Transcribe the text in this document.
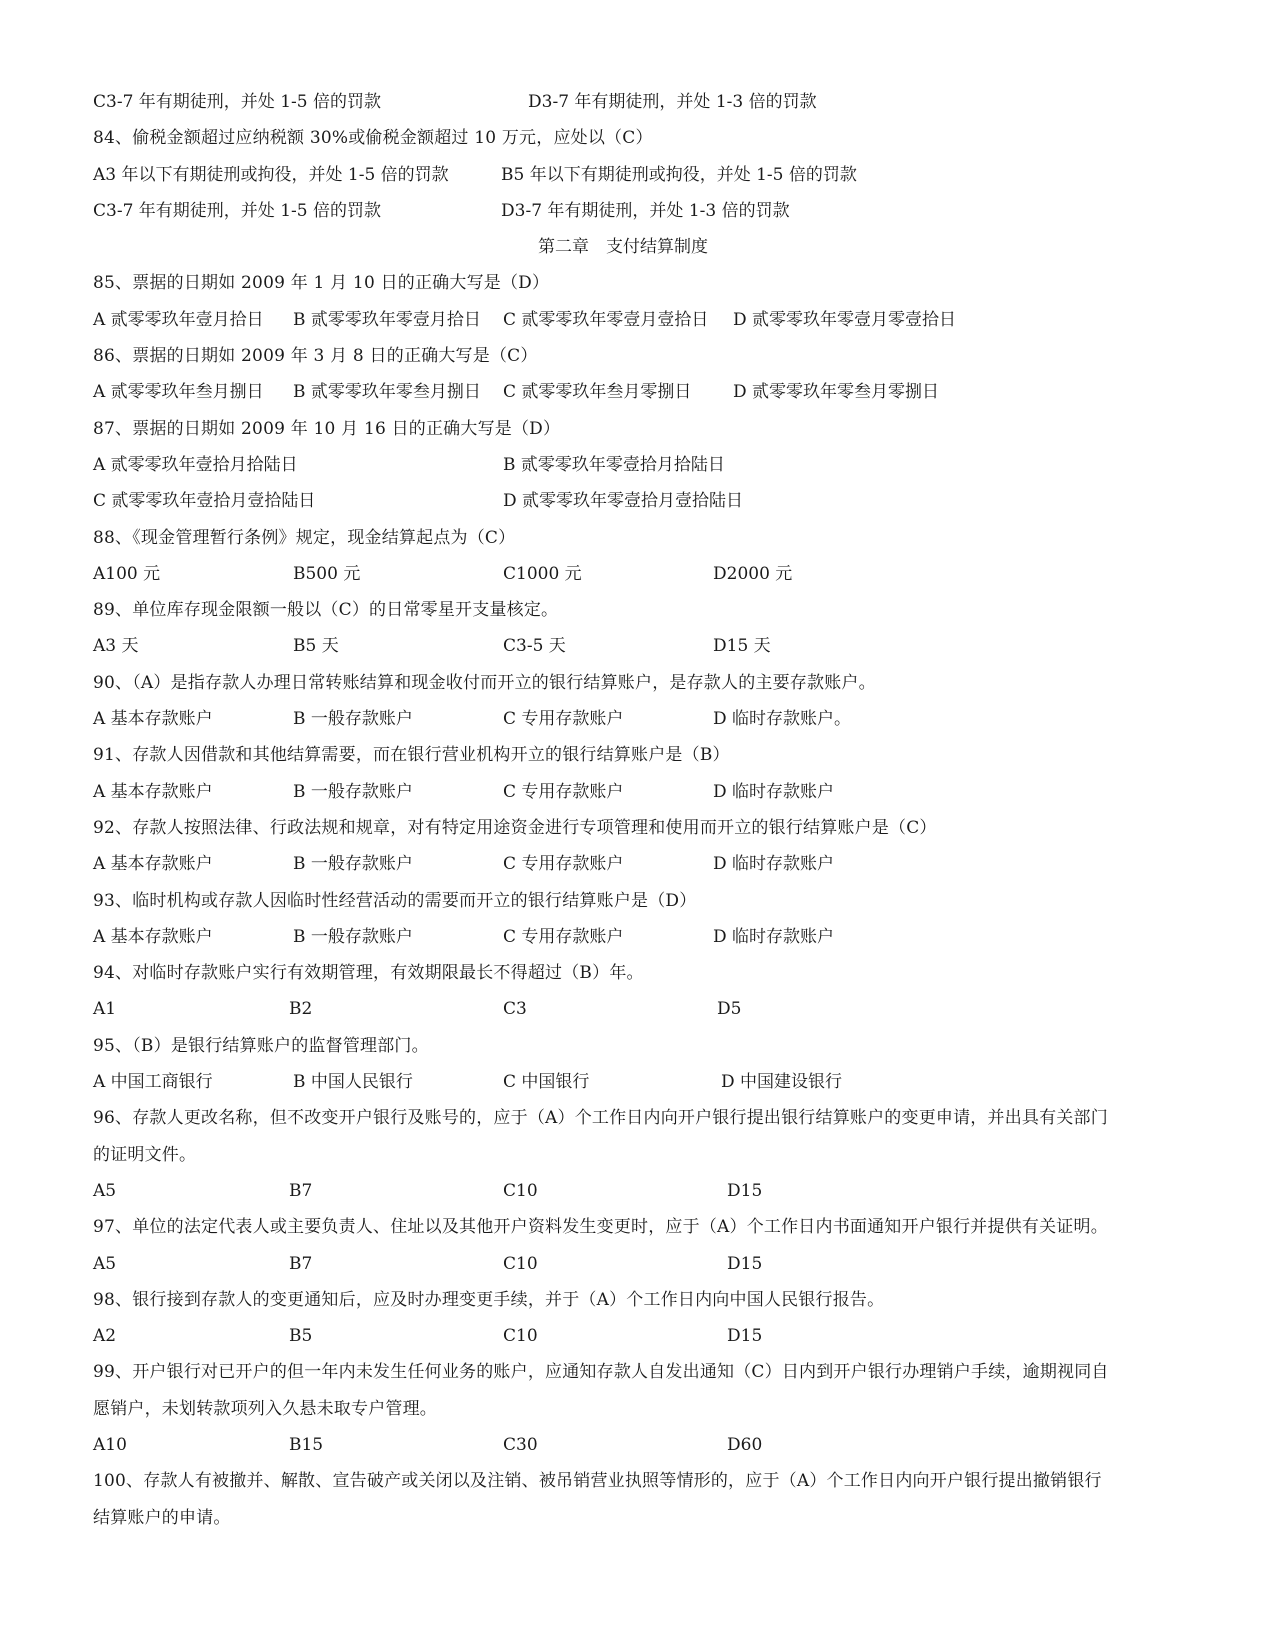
C3-7 年有期徒刑，并处 1-5 倍的罚款	D3-7 年有期徒刑，并处 1-3 倍的罚款
84、偷税金额超过应纳税额 30%或偷税金额超过 10 万元，应处以（C）
A3 年以下有期徒刑或拘役，并处 1-5 倍的罚款	B5 年以下有期徒刑或拘役，并处 1-5 倍的罚款
C3-7 年有期徒刑，并处 1-5 倍的罚款	D3-7 年有期徒刑，并处 1-3 倍的罚款
第二章　支付结算制度
85、票据的日期如 2009 年 1 月 10 日的正确大写是（D）
A 贰零零玖年壹月拾日 B 贰零零玖年零壹月拾日 C 贰零零玖年零壹月壹拾日 D 贰零零玖年零壹月零壹拾日
86、票据的日期如 2009 年 3 月 8 日的正确大写是（C）
A 贰零零玖年叁月捌日 B 贰零零玖年零叁月捌日 C 贰零零玖年叁月零捌日 D 贰零零玖年零叁月零捌日
87、票据的日期如 2009 年 10 月 16 日的正确大写是（D）
A 贰零零玖年壹拾月拾陆日	B 贰零零玖年零壹拾月拾陆日
C 贰零零玖年壹拾月壹拾陆日	D 贰零零玖年零壹拾月壹拾陆日
88、《现金管理暂行条例》规定，现金结算起点为（C）
A100 元	B500 元	C1000 元	D2000 元
89、单位库存现金限额一般以（C）的日常零星开支量核定。
A3 天	B5 天	C3-5 天	D15 天
90、（A）是指存款人办理日常转账结算和现金收付而开立的银行结算账户，是存款人的主要存款账户。
A 基本存款账户	B 一般存款账户	C 专用存款账户	D 临时存款账户。
91、存款人因借款和其他结算需要，而在银行营业机构开立的银行结算账户是（B）
A 基本存款账户	B 一般存款账户	C 专用存款账户	D 临时存款账户
92、存款人按照法律、行政法规和规章，对有特定用途资金进行专项管理和使用而开立的银行结算账户是（C）
A 基本存款账户	B 一般存款账户	C 专用存款账户	D 临时存款账户
93、临时机构或存款人因临时性经营活动的需要而开立的银行结算账户是（D）
A 基本存款账户	B 一般存款账户	C 专用存款账户	D 临时存款账户
94、对临时存款账户实行有效期管理，有效期限最长不得超过（B）年。
A1	B2	C3	D5
95、（B）是银行结算账户的监督管理部门。
A 中国工商银行	B 中国人民银行	C 中国银行	D 中国建设银行
96、存款人更改名称，但不改变开户银行及账号的，应于（A）个工作日内向开户银行提出银行结算账户的变更申请，并出具有关部门
的证明文件。
A5	B7	C10	D15
97、单位的法定代表人或主要负责人、住址以及其他开户资料发生变更时，应于（A）个工作日内书面通知开户银行并提供有关证明。
A5	B7	C10	D15
98、银行接到存款人的变更通知后，应及时办理变更手续，并于（A）个工作日内向中国人民银行报告。
A2	B5	C10	D15
99、开户银行对已开户的但一年内未发生任何业务的账户，应通知存款人自发出通知（C）日内到开户银行办理销户手续，逾期视同自
愿销户，未划转款项列入久悬未取专户管理。
A10	B15	C30	D60
100、存款人有被撤并、解散、宣告破产或关闭以及注销、被吊销营业执照等情形的，应于（A）个工作日内向开户银行提出撤销银行
结算账户的申请。
